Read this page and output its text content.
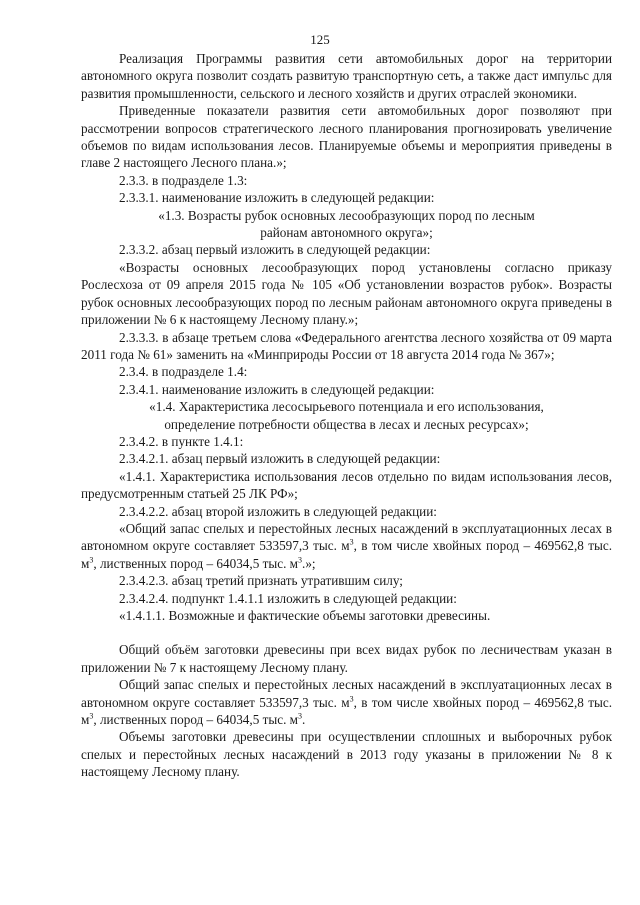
125

Реализация Программы развития сети автомобильных дорог на территории автономного округа позволит создать развитую транспортную сеть, а также даст импульс для развития промышленности, сельского и лесного хозяйств и других отраслей экономики.

Приведенные показатели развития сети автомобильных дорог позволяют при рассмотрении вопросов стратегического лесного планирования прогнозировать увеличение объемов по видам использования лесов. Планируемые объемы и мероприятия приведены в главе 2 настоящего Лесного плана.»;

2.3.3. в подразделе 1.3:

2.3.3.1. наименование изложить в следующей редакции:

«1.3. Возрасты рубок основных лесообразующих пород по лесным

районам автономного округа»;

2.3.3.2. абзац первый изложить в следующей редакции:

«Возрасты основных лесообразующих пород установлены согласно приказу Рослесхоза от 09 апреля 2015 года № 105 «Об установлении возрастов рубок». Возрасты рубок основных лесообразующих пород по лесным районам автономного округа приведены в приложении № 6 к настоящему Лесному плану.»;

2.3.3.3. в абзаце третьем слова «Федерального агентства лесного хозяйства от 09 марта 2011 года № 61» заменить на «Минприроды России от 18 августа 2014 года № 367»;

2.3.4. в подразделе 1.4:

2.3.4.1. наименование изложить в следующей редакции:

«1.4. Характеристика лесосырьевого потенциала и его использования,

определение потребности общества в лесах и лесных ресурсах»;

2.3.4.2. в пункте 1.4.1:

2.3.4.2.1. абзац первый изложить в следующей редакции:

«1.4.1. Характеристика использования лесов отдельно по видам использования лесов, предусмотренным статьей 25 ЛК РФ»;

2.3.4.2.2. абзац второй изложить в следующей редакции:

«Общий запас спелых и перестойных лесных насаждений в эксплуатационных лесах в автономном округе составляет 533597,3 тыс. $м^3$, в том числе хвойных пород – 469562,8 тыс. $м^3$, лиственных пород – 64034,5 тыс. $м^3$.»;

2.3.4.2.3. абзац третий признать утратившим силу;

2.3.4.2.4. подпункт 1.4.1.1 изложить в следующей редакции:

«1.4.1.1. Возможные и фактические объемы заготовки древесины.

Общий объём заготовки древесины при всех видах рубок по лесничествам указан в приложении № 7 к настоящему Лесному плану.

Общий запас спелых и перестойных лесных насаждений в эксплуатационных лесах в автономном округе составляет 533597,3 тыс. $м^3$, в том числе хвойных пород – 469562,8 тыс. $м^3$, лиственных пород – 64034,5 тыс. $м^3$.

Объемы заготовки древесины при осуществлении сплошных и выборочных рубок спелых и перестойных лесных насаждений в 2013 году указаны в приложении № 8 к настоящему Лесному плану.
